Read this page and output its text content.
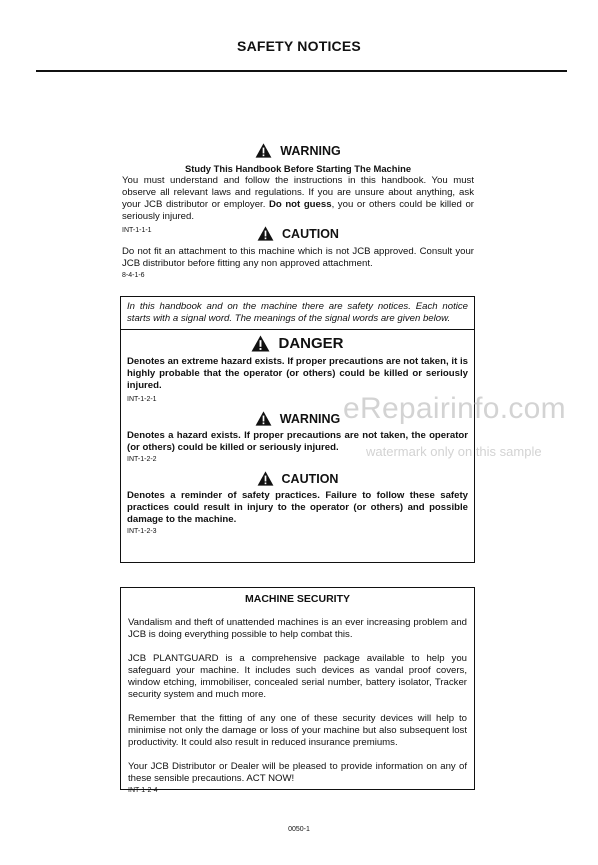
SAFETY NOTICES
WARNING
Study This Handbook Before Starting The Machine
You must understand and follow the instructions in this handbook. You must observe all relevant laws and regulations. If you are unsure about anything, ask your JCB distributor or employer. Do not guess, you or others could be killed or seriously injured.
INT-1-1-1	CAUTION
Do not fit an attachment to this machine which is not JCB approved. Consult your JCB distributor before fitting any non approved attachment.
8-4-1-6
In this handbook and on the machine there are safety notices. Each notice starts with a signal word. The meanings of the signal words are given below.
DANGER
Denotes an extreme hazard exists. If proper precautions are not taken, it is highly probable that the operator (or others) could be killed or seriously injured.
INT-1-2-1
WARNING
Denotes a hazard exists. If proper precautions are not taken, the operator (or others) could be killed or seriously injured.
INT-1-2-2
CAUTION
Denotes a reminder of safety practices. Failure to follow these safety practices could result in injury to the operator (or others) and possible damage to the machine.
INT-1-2-3
MACHINE SECURITY
Vandalism and theft of unattended machines is an ever increasing problem and JCB is doing everything possible to help combat this.
JCB PLANTGUARD is a comprehensive package available to help you safeguard your machine. It includes such devices as vandal proof covers, window etching, immobiliser, concealed serial number, battery isolator, Tracker security system and much more.
Remember that the fitting of any one of these security devices will help to minimise not only the damage or loss of your machine but also subsequent lost productivity. It could also result in reduced insurance premiums.
Your JCB Distributor or Dealer will be pleased to provide information on any of these sensible precautions. ACT NOW!
INT-1-2-4
eRepairinfo.com
watermark only on this sample
0050-1
